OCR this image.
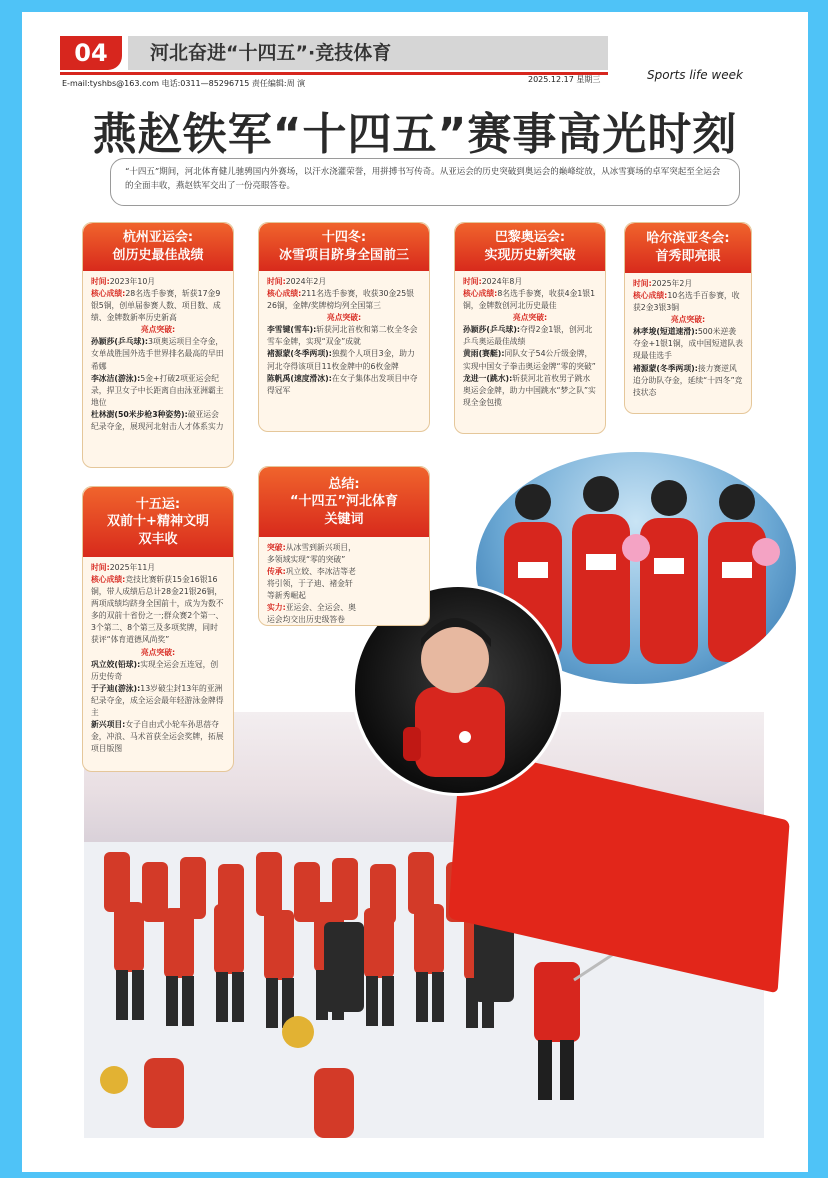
04	河北奋进“十四五”·竞技体育
E-mail:tyshbs@163.com 电话:0311—85296715 责任编辑:周 演	2025.12.17 星期三	Sports life week
燕赵铁军“十四五”赛事高光时刻
“十四五”期间，河北体育健儿驰骋国内外赛场，以汗水浇灌荣誉，用拼搏书写传奇。从亚运会的历史突破到奥运会的巅峰绽放，从冰雪赛场的卓军突起至全运会的全面丰收，燕赵铁军交出了一份亮眼答卷。
杭州亚运会:
创历史最佳战绩

时间:2023年10月

核心成绩:28名选手参赛，斩获17金9银5铜，创单届参赛人数、项目数、成绩、金牌数新率历史新高

亮点突破:

孙颖莎(乒乓球):3项奥运项目全夺金，女单战胜国外选手世界排名最高的早田希娜

李冰洁(游泳):5金+打破2项亚运会纪录，捍卫女子中长距离自由泳亚洲霸主地位

杜林澍(50米步枪3种姿势):破亚运会纪录夺金，展现河北射击人才体系实力

十四冬:
冰雪项目跻身全国前三

时间:2024年2月

核心成绩:211名选手参赛，收获30金25银26铜，金牌/奖牌榜均列全国第三

亮点突破:

李雪键(雪车):斩获河北首枚和第二枚全冬会雪车金牌，实现“双金”成就

褚源蒙(冬季两项):独揽个人项目3金，助力河北夺得该项目11枚金牌中的6枚金牌

陈帆禹(速度滑冰):在女子集体出发项目中夺得冠军

巴黎奥运会:
实现历史新突破

时间:2024年8月

核心成绩:8名选手参赛，收获4金1银1铜，金牌数创河北历史最佳

亮点突破:

孙颖莎(乒乓球):夺得2金1银，创河北乒乓奥运最佳战绩

黄雨(赛艇):同队女子54公斤级金牌，实现中国女子拳击奥运金牌“零的突破”

龙进一(跳水):斩获河北首枚男子跳水奥运会金牌，助力中国跳水“梦之队”实现全金包揽

哈尔滨亚冬会:
首秀即亮眼

时间:2025年2月

核心成绩:10名选手百参赛，收获2金3银3铜

亮点突破:

林孝埈(短道速滑):500米逆袭夺金+1银1铜，成中国短道队表现最佳选手

褚源蒙(冬季两项):接力赛逆风追分助队夺金，延续“十四冬”竞技状态

十五运:
双前十+精神文明
双丰收

时间:2025年11月

核心成绩:竞技比赛斩获15金16银16铜，带人成绩后总计28金21银26铜，两项成绩均跻身全国前十，成为为数不多的双前十省份之一;群众赛2个第一、3个第二、8个第三及多项奖牌，同时获评“体育道德风尚奖”

亮点突破:

巩立姣(铅球):实现全运会五连冠，创历史传奇

于子迪(游泳):13岁破尘封13年的亚洲纪录夺金，成全运会最年轻游泳金牌得主

新兴项目:女子自由式小轮车孙思蓓夺金，冲浪、马术首获全运会奖牌，拓展项目版图

总结:
“十四五”河北体育
关键词

突破:从冰雪到新兴项目，多领域实现“零的突破”

传承:巩立姣、李冰洁等老将引领，于子迪、褚金轩等新秀崛起

实力:亚运会、全运会、奥运会均交出历史级答卷
